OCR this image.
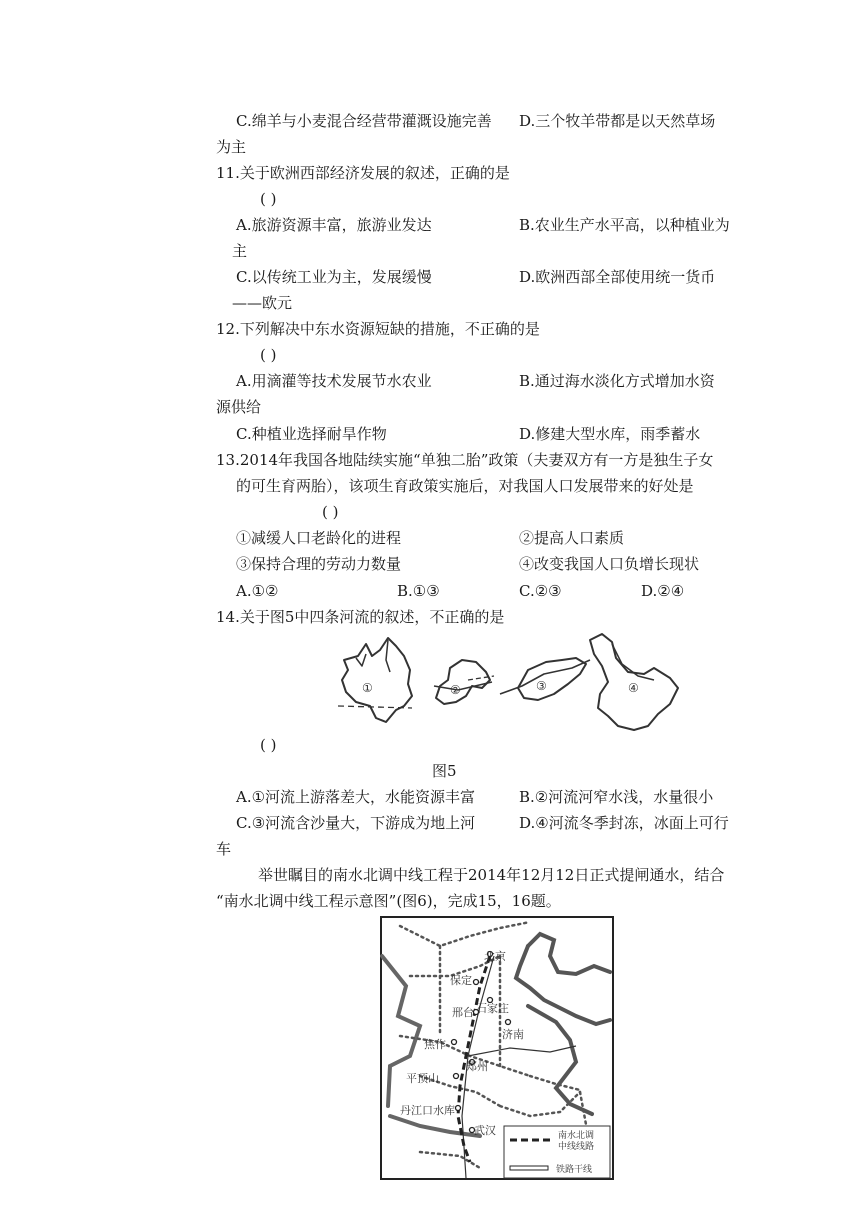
C.绵羊与小麦混合经营带灌溉设施完善 D.三个牧羊带都是以天然草场
为主
11.关于欧洲西部经济发展的叙述，正确的是
( )
A.旅游资源丰富，旅游业发达	B.农业生产水平高，以种植业为
主
C.以传统工业为主，发展缓慢	D.欧洲西部全部使用统一货币
——欧元
12.下列解决中东水资源短缺的措施，不正确的是
( )
A.用滴灌等技术发展节水农业	B.通过海水淡化方式增加水资
源供给
C.种植业选择耐旱作物	D.修建大型水库，雨季蓄水
13.2014年我国各地陆续实施“单独二胎”政策（夫妻双方有一方是独生子女
的可生育两胎），该项生育政策实施后，对我国人口发展带来的好处是
( )
①减缓人口老龄化的进程	②提高人口素质
③保持合理的劳动力数量	④改变我国人口负增长现状
A.①②	B.①③	C.②③	D.②④
14.关于图5中四条河流的叙述，不正确的是
①	②	③	④
( )
图5
A.①河流上游落差大，水能资源丰富	B.②河流河窄水浅，水量很小
C.③河流含沙量大，下游成为地上河	D.④河流冬季封冻，冰面上可行
车
举世瞩目的南水北调中线工程于2014年12月12日正式提闸通水，结合
“南水北调中线工程示意图”(图6)，完成15，16题。
北京
保定
石家庄
邢台
济南
焦作
郑州
平顶山
丹江口水库
武汉	南水北调
中线线路
铁路干线
